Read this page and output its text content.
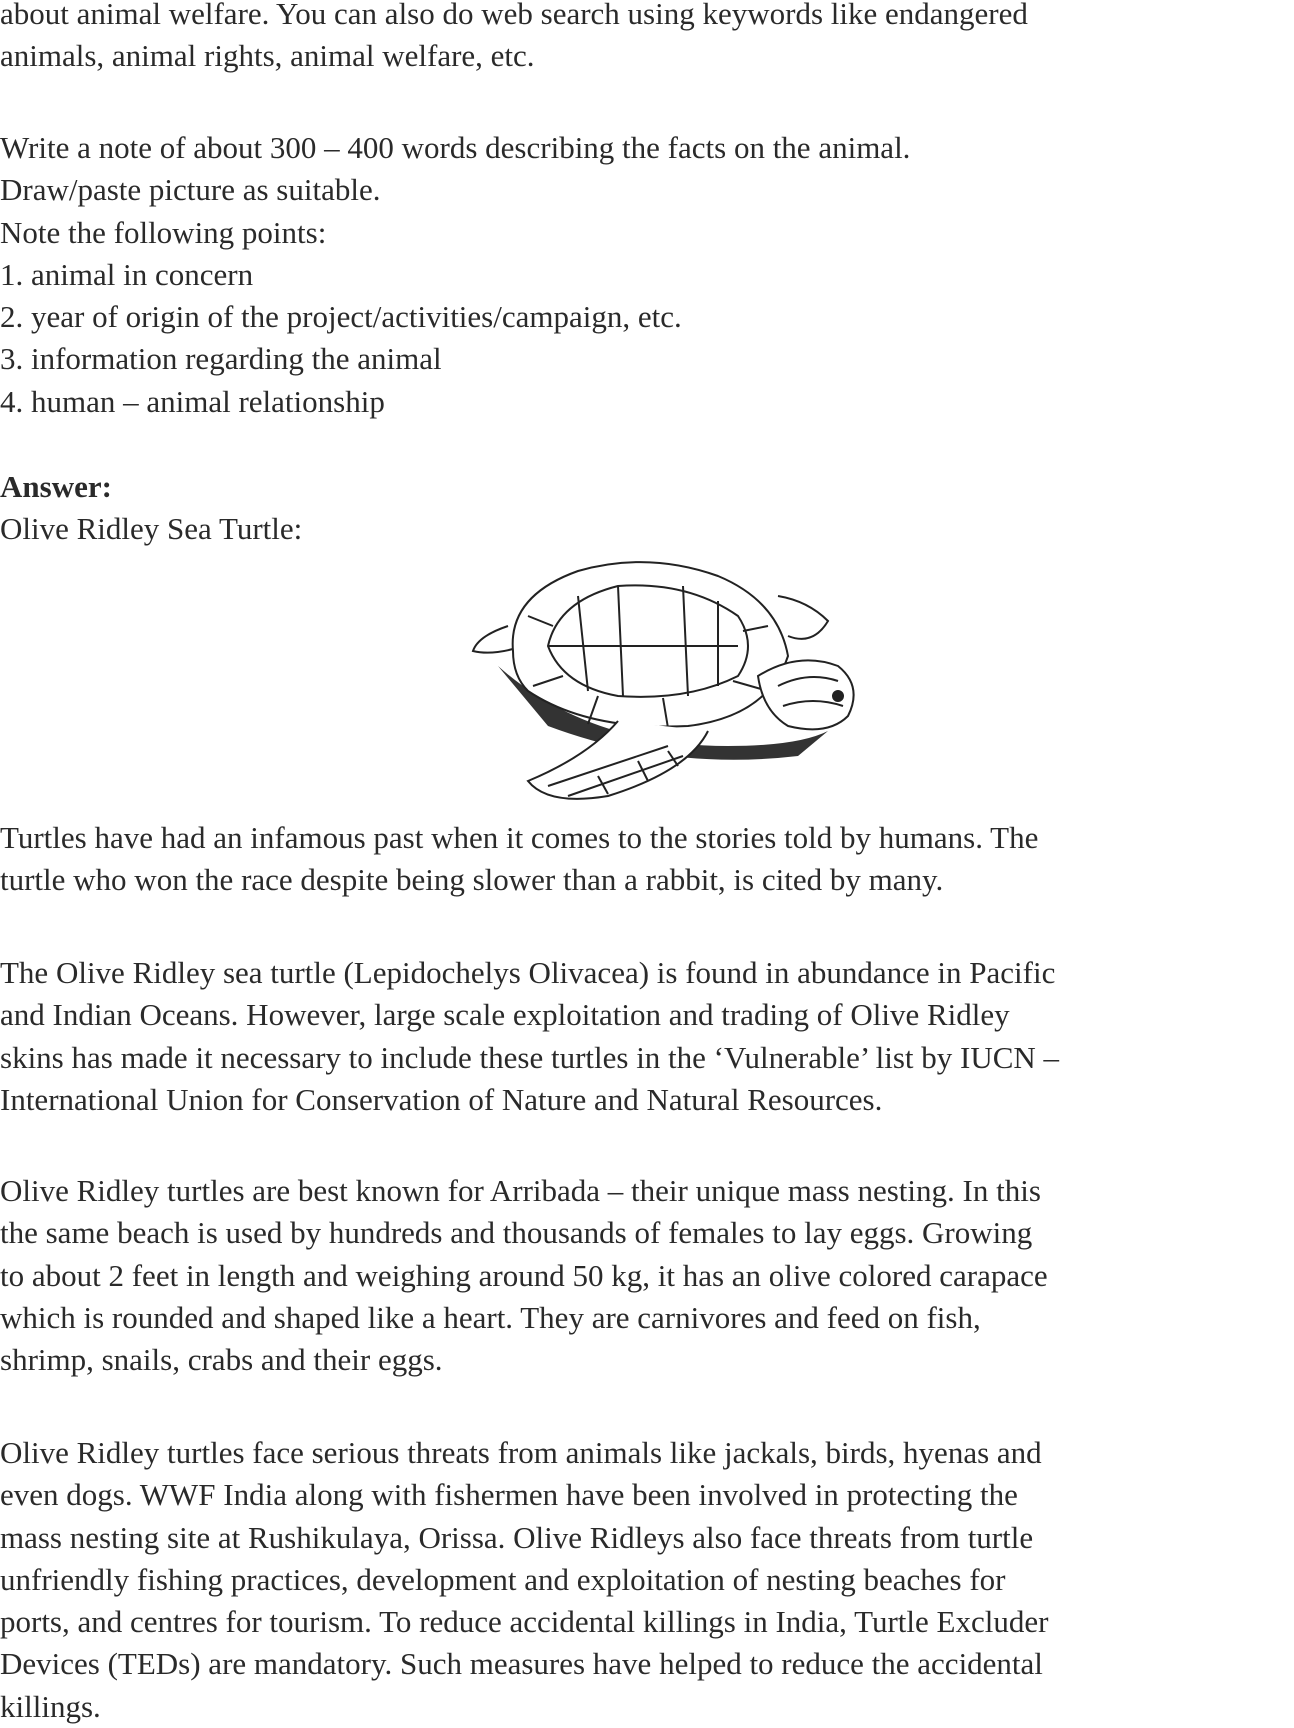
about animal welfare. You can also do web search using keywords like endangered
animals, animal rights, animal welfare, etc.
Write a note of about 300 – 400 words describing the facts on the animal.
Draw/paste picture as suitable.
Note the following points:
1. animal in concern
2. year of origin of the project/activities/campaign, etc.
3. information regarding the animal
4. human – animal relationship
Answer:
Olive Ridley Sea Turtle:
Turtles have had an infamous past when it comes to the stories told by humans. The
turtle who won the race despite being slower than a rabbit, is cited by many.
The Olive Ridley sea turtle (Lepidochelys Olivacea) is found in abundance in Pacific
and Indian Oceans. However, large scale exploitation and trading of Olive Ridley
skins has made it necessary to include these turtles in the ‘Vulnerable’ list by IUCN –
International Union for Conservation of Nature and Natural Resources.
Olive Ridley turtles are best known for Arribada – their unique mass nesting. In this
the same beach is used by hundreds and thousands of females to lay eggs. Growing
to about 2 feet in length and weighing around 50 kg, it has an olive colored carapace
which is rounded and shaped like a heart. They are carnivores and feed on fish,
shrimp, snails, crabs and their eggs.
Olive Ridley turtles face serious threats from animals like jackals, birds, hyenas and
even dogs. WWF India along with fishermen have been involved in protecting the
mass nesting site at Rushikulaya, Orissa. Olive Ridleys also face threats from turtle
unfriendly fishing practices, development and exploitation of nesting beaches for
ports, and centres for tourism. To reduce accidental killings in India, Turtle Excluder
Devices (TEDs) are mandatory. Such measures have helped to reduce the accidental
killings.
